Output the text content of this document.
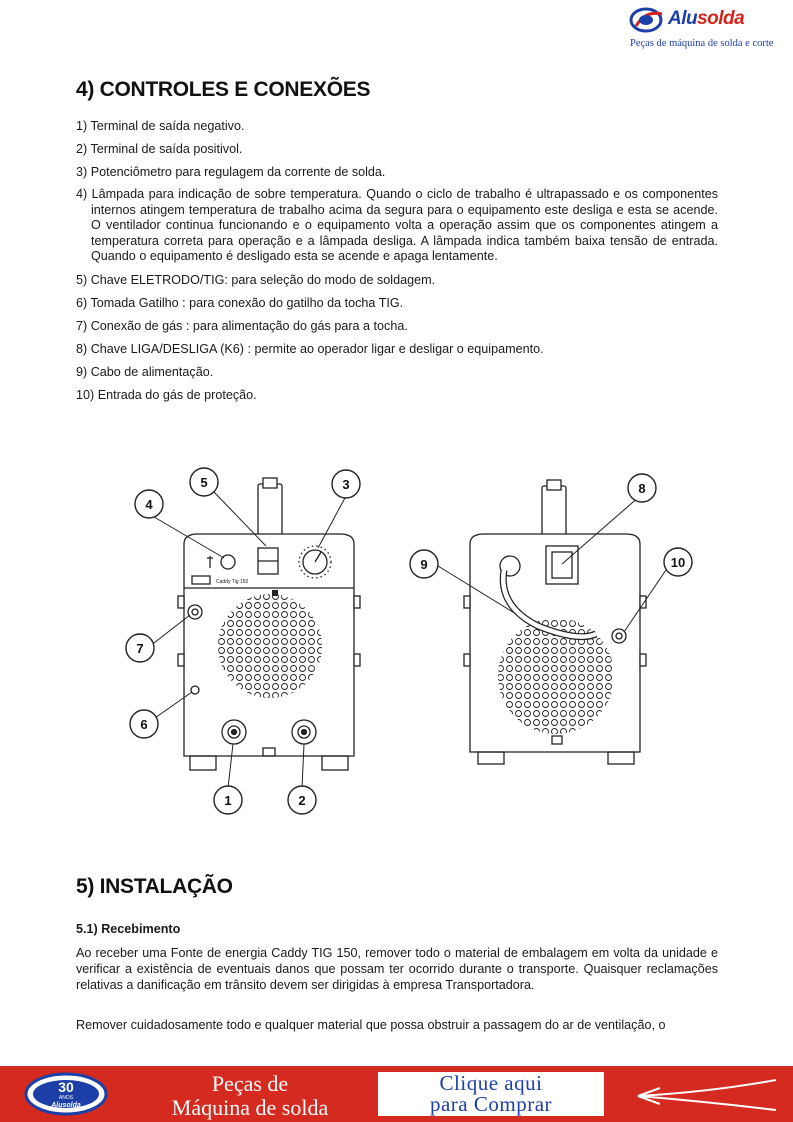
Alusolda
Peças de máquina de solda e corte
4) CONTROLES E CONEXÕES

1) Terminal de saída negativo.

2) Terminal de saída positivol.

3) Potenciômetro para regulagem da corrente de solda.

4) Lâmpada para indicação de sobre temperatura. Quando o ciclo de trabalho é ultrapassado e os componentes internos atingem temperatura de trabalho acima da segura para o equipamento este desliga e esta se acende. O ventilador continua funcionando e o equipamento volta a operação assim que os componentes atingem a temperatura correta para operação e a lâmpada desliga. A lâmpada indica também baixa tensão de entrada. Quando o equipamento é desligado esta se acende e apaga lentamente.

5) Chave ELETRODO/TIG: para seleção do modo de soldagem.

6) Tomada Gatilho : para conexão do gatilho da tocha TIG.

7) Conexão de gás : para alimentação do gás para a tocha.

8) Chave LIGA/DESLIGA (K6) : permite ao operador ligar e desligar o equipamento.

9) Cabo de alimentação.

10) Entrada do gás de proteção.

Caddy Tig 150
4
5	3
7
6
1	2
8
9	10
5) INSTALAÇÃO
5.1) Recebimento

Ao receber uma Fonte de energia Caddy TIG 150, remover todo o material de embalagem em volta da unidade e verificar a existência de eventuais danos que possam ter ocorrido durante o transporte. Quaisquer reclamações relativas a danificação em trânsito devem ser dirigidas à empresa Transportadora.

Remover cuidadosamente todo e qualquer material que possa obstruir a passagem do ar de ventilação, o

30
ANOS
Alusolda
Peças de
Máquina de solda
Clique aqui
para Comprar
